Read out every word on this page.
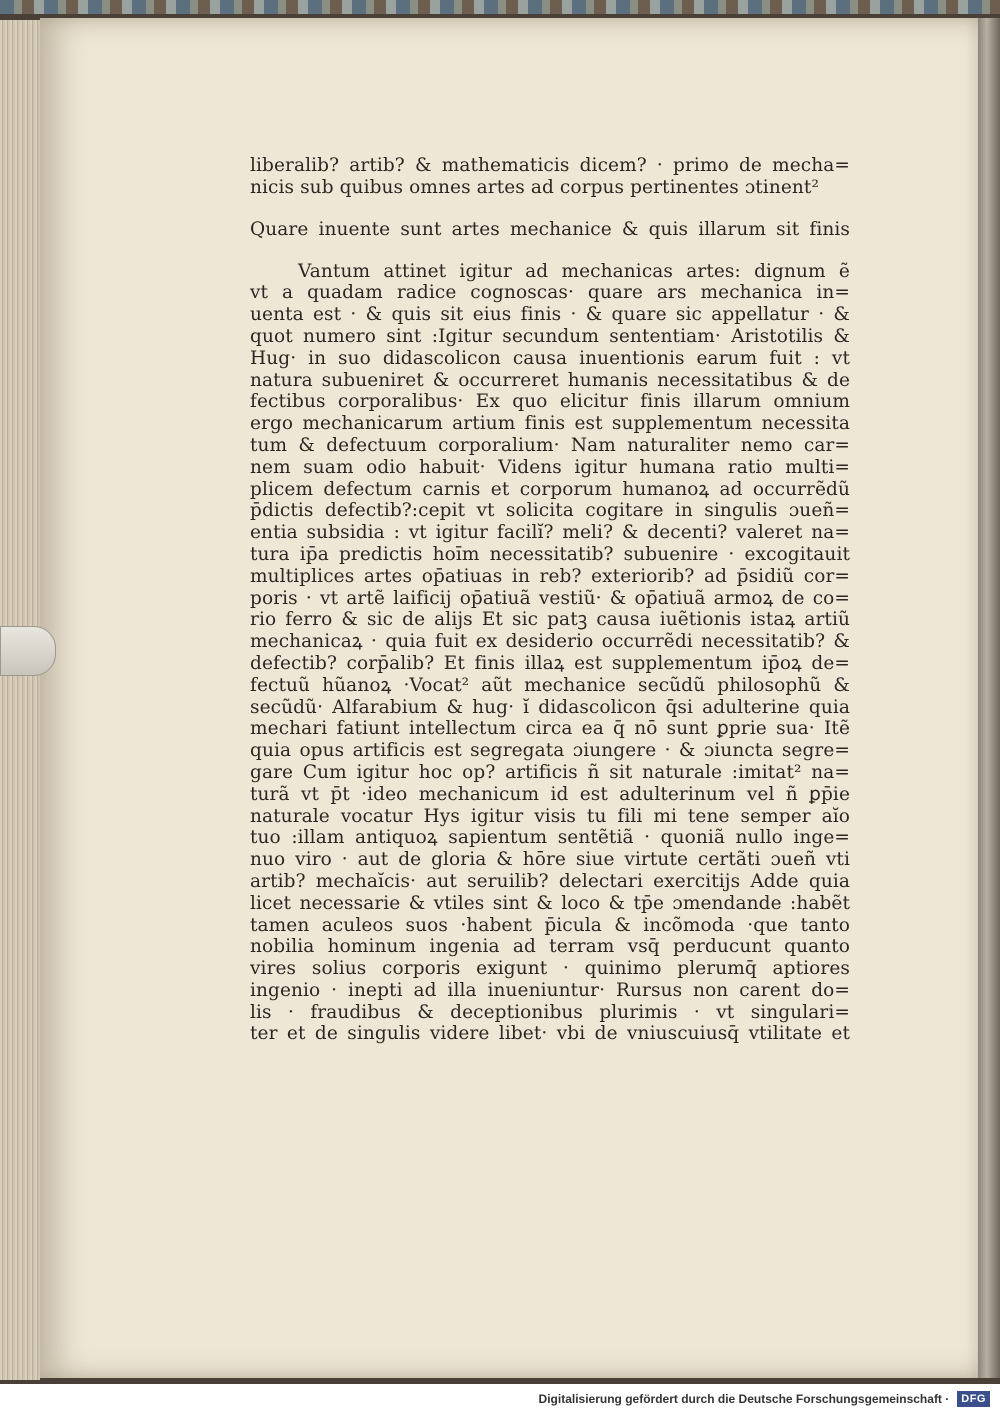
liberalib? artib? & mathematicis dicem? · primo de mecha=
nicis sub quibus omnes artes ad corpus pertinentes ɔtinent²
Quare inuente sunt artes mechanice & quis illarum sit finis
Vantum attinet igitur ad mechanicas artes: dignum ẽ
vt a quadam radice cognoscas· quare ars mechanica in=
uenta est · & quis sit eius finis · & quare sic appellatur · &
quot numero sint :Igitur secundum sententiam· Aristotilis &
Hug· in suo didascolicon causa inuentionis earum fuit : vt
natura subueniret & occurreret humanis necessitatibus & de
fectibus corporalibus· Ex quo elicitur finis illarum omnium
ergo mechanicarum artium finis est supplementum necessita
tum & defectuum corporalium· Nam naturaliter nemo car=
nem suam odio habuit· Videns igitur humana ratio multi=
plicem defectum carnis et corporum humanoꝝ ad occurrẽdũ
p̄dictis defectib?:cepit vt solicita cogitare in singulis ɔueñ=
entia subsidia : vt igitur facilĭ? meli? & decenti? valeret na=
tura ip̄a predictis hoı̄m necessitatib? subuenire · excogitauit
multiplices artes op̄atiuas in reb? exteriorib? ad p̄sidiũ cor=
poris · vt artẽ laificij op̄atiuã vestiũ· & op̄atiuã armoꝝ de co=
rio ferro & sic de alijs Et sic patꝫ causa iuẽtionis istaꝝ artiũ
mechanicaꝝ · quia fuit ex desiderio occurrẽdi necessitatib? &
defectib? corp̄alib? Et finis illaꝝ est supplementum ip̄oꝝ de=
fectuũ hũanoꝝ ·Vocat² aũt mechanice secũdũ philosophũ &
secũdũ· Alfarabium & hug· ĭ didascolicon q̄si adulterine quia
mechari fatiunt intellectum circa ea q̄ nō sunt ꝑprie sua· Itẽ
quia opus artificis est segregata ɔiungere · & ɔiuncta segre=
gare Cum igitur hoc op? artificis ñ sit naturale :imitat² na=
turã vt p̄t ·ideo mechanicum id est adulterinum vel ñ ꝑp̄ie
naturale vocatur Hys igitur visis tu fili mi tene semper aĭo
tuo :illam antiquoꝝ sapientum sentẽtiã · quoniã nullo inge=
nuo viro · aut de gloria & hōre siue virtute certãti ɔueñ vti
artib? mechaĭcis· aut seruilib? delectari exercitijs Adde quia
licet necessarie & vtiles sint & loco & tp̄e ɔmendande :habẽt
tamen aculeos suos ·habent p̄icula & incõmoda ·que tanto
nobilia hominum ingenia ad terram vsq̄ perducunt quanto
vires solius corporis exigunt · quinimo plerumq̄ aptiores
ingenio · inepti ad illa inueniuntur· Rursus non carent do=
lis · fraudibus & deceptionibus plurimis · vt singulari=
ter et de singulis videre libet· vbi de vniuscuiusq̄ vtilitate et
Digitalisierung gefördert durch die Deutsche Forschungsgemeinschaft ·	DFG
